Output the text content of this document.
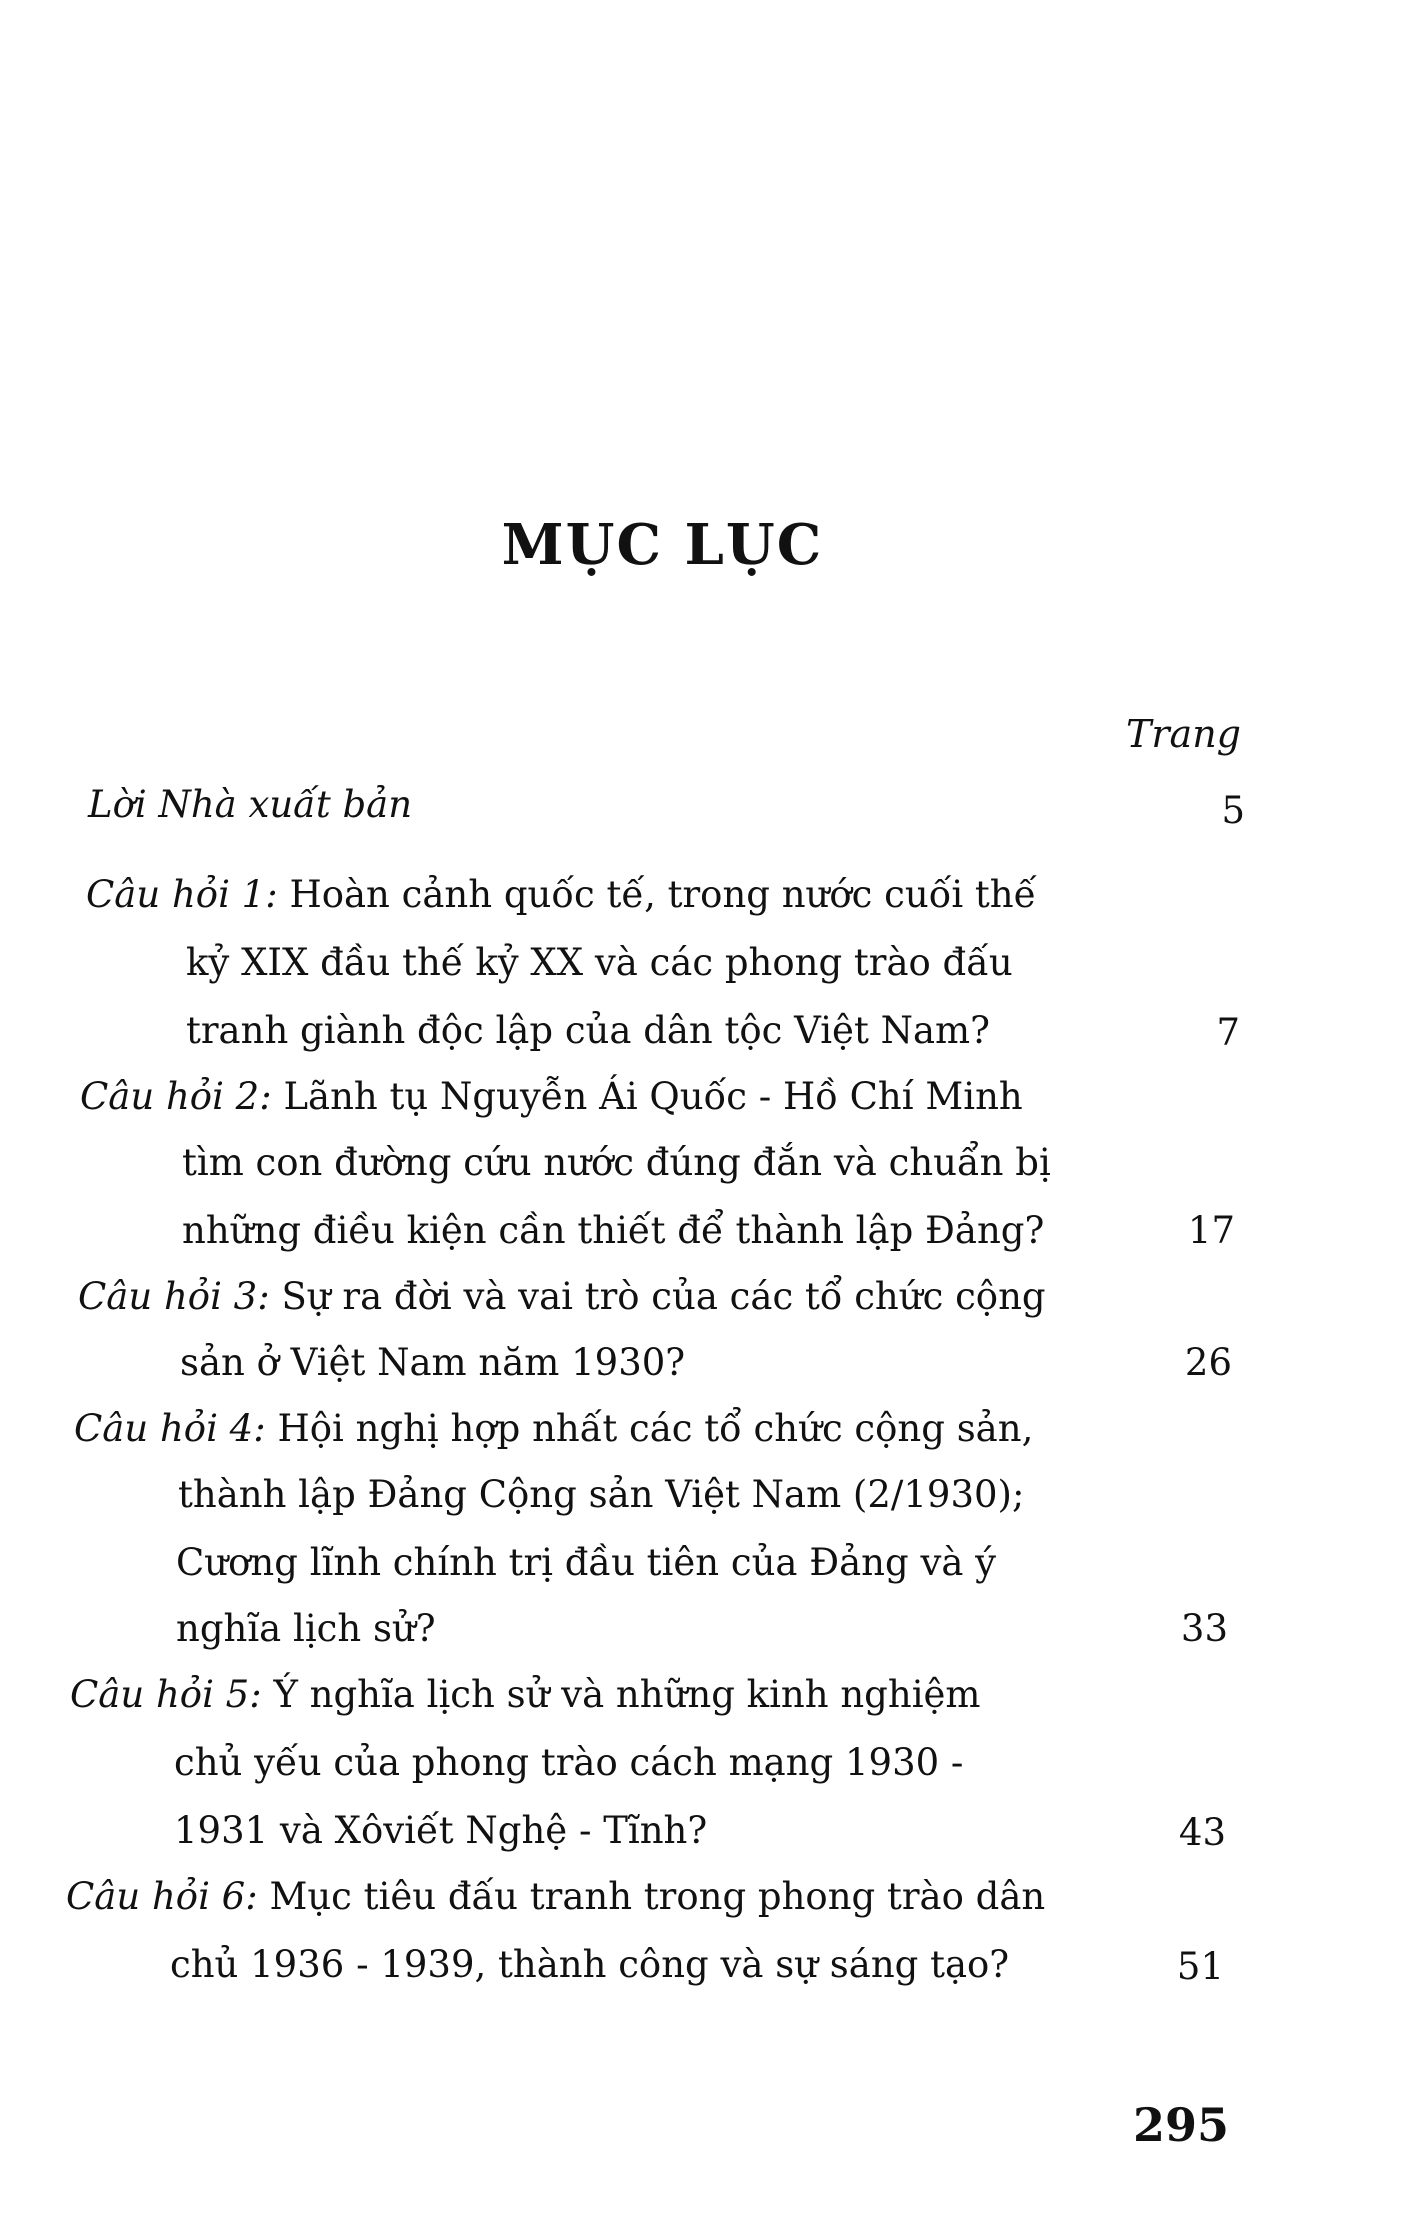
MỤC LỤC
Trang
Lời Nhà xuất bản	5
Câu hỏi 1: Hoàn cảnh quốc tế, trong nước cuối thế
kỷ XIX đầu thế kỷ XX và các phong trào đấu
tranh giành độc lập của dân tộc Việt Nam?	7
Câu hỏi 2: Lãnh tụ Nguyễn Ái Quốc - Hồ Chí Minh
tìm con đường cứu nước đúng đắn và chuẩn bị
những điều kiện cần thiết để thành lập Đảng?	17
Câu hỏi 3: Sự ra đời và vai trò của các tổ chức cộng
sản ở Việt Nam năm 1930?	26
Câu hỏi 4: Hội nghị hợp nhất các tổ chức cộng sản,
thành lập Đảng Cộng sản Việt Nam (2/1930);
Cương lĩnh chính trị đầu tiên của Đảng và ý
nghĩa lịch sử?	33
Câu hỏi 5: Ý nghĩa lịch sử và những kinh nghiệm
chủ yếu của phong trào cách mạng 1930 -
1931 và Xôviết Nghệ - Tĩnh?	43
Câu hỏi 6: Mục tiêu đấu tranh trong phong trào dân
chủ 1936 - 1939, thành công và sự sáng tạo?	51
295
